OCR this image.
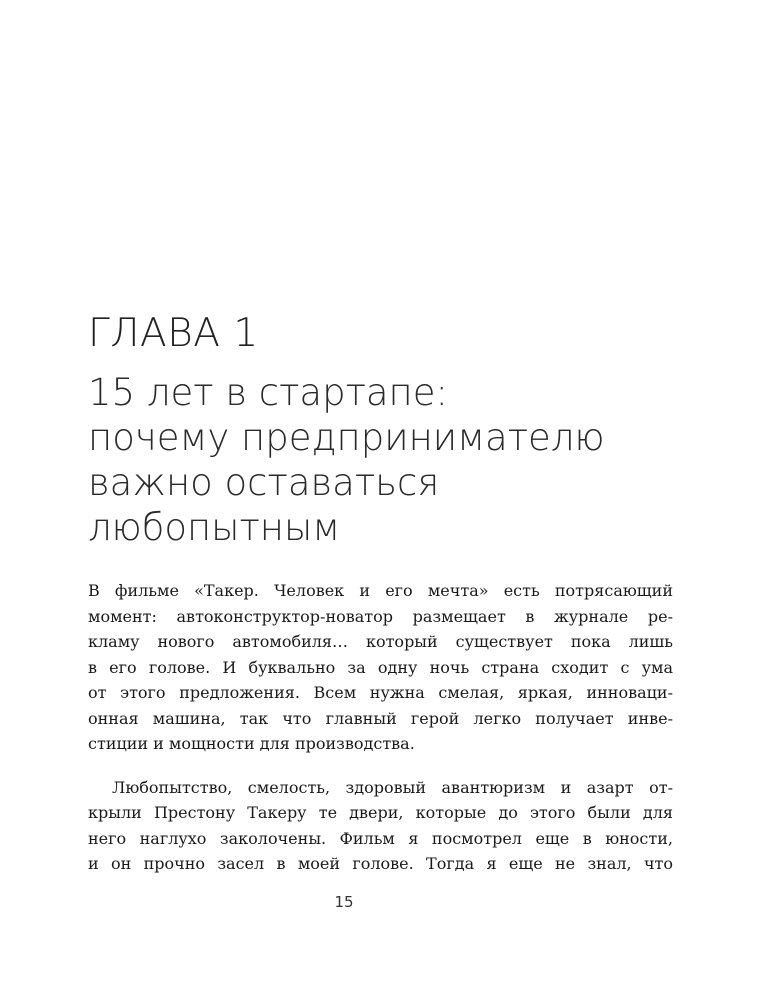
ГЛАВА 1
15 лет в стартапе:
почему предпринимателю
важно оставаться
любопытным
В фильме «Такер. Человек и его мечта» есть потрясающий
момент: автоконструктор-новатор размещает в журнале ре-
кламу нового автомобиля… который существует пока лишь
в его голове. И буквально за одну ночь страна сходит с ума
от этого предложения. Всем нужна смелая, яркая, инноваци-
онная машина, так что главный герой легко получает инве-
стиции и мощности для производства.
Любопытство, смелость, здоровый авантюризм и азарт от-
крыли Престону Такеру те двери, которые до этого были для
него наглухо заколочены. Фильм я посмотрел еще в юности,
и он прочно засел в моей голове. Тогда я еще не знал, что
15
